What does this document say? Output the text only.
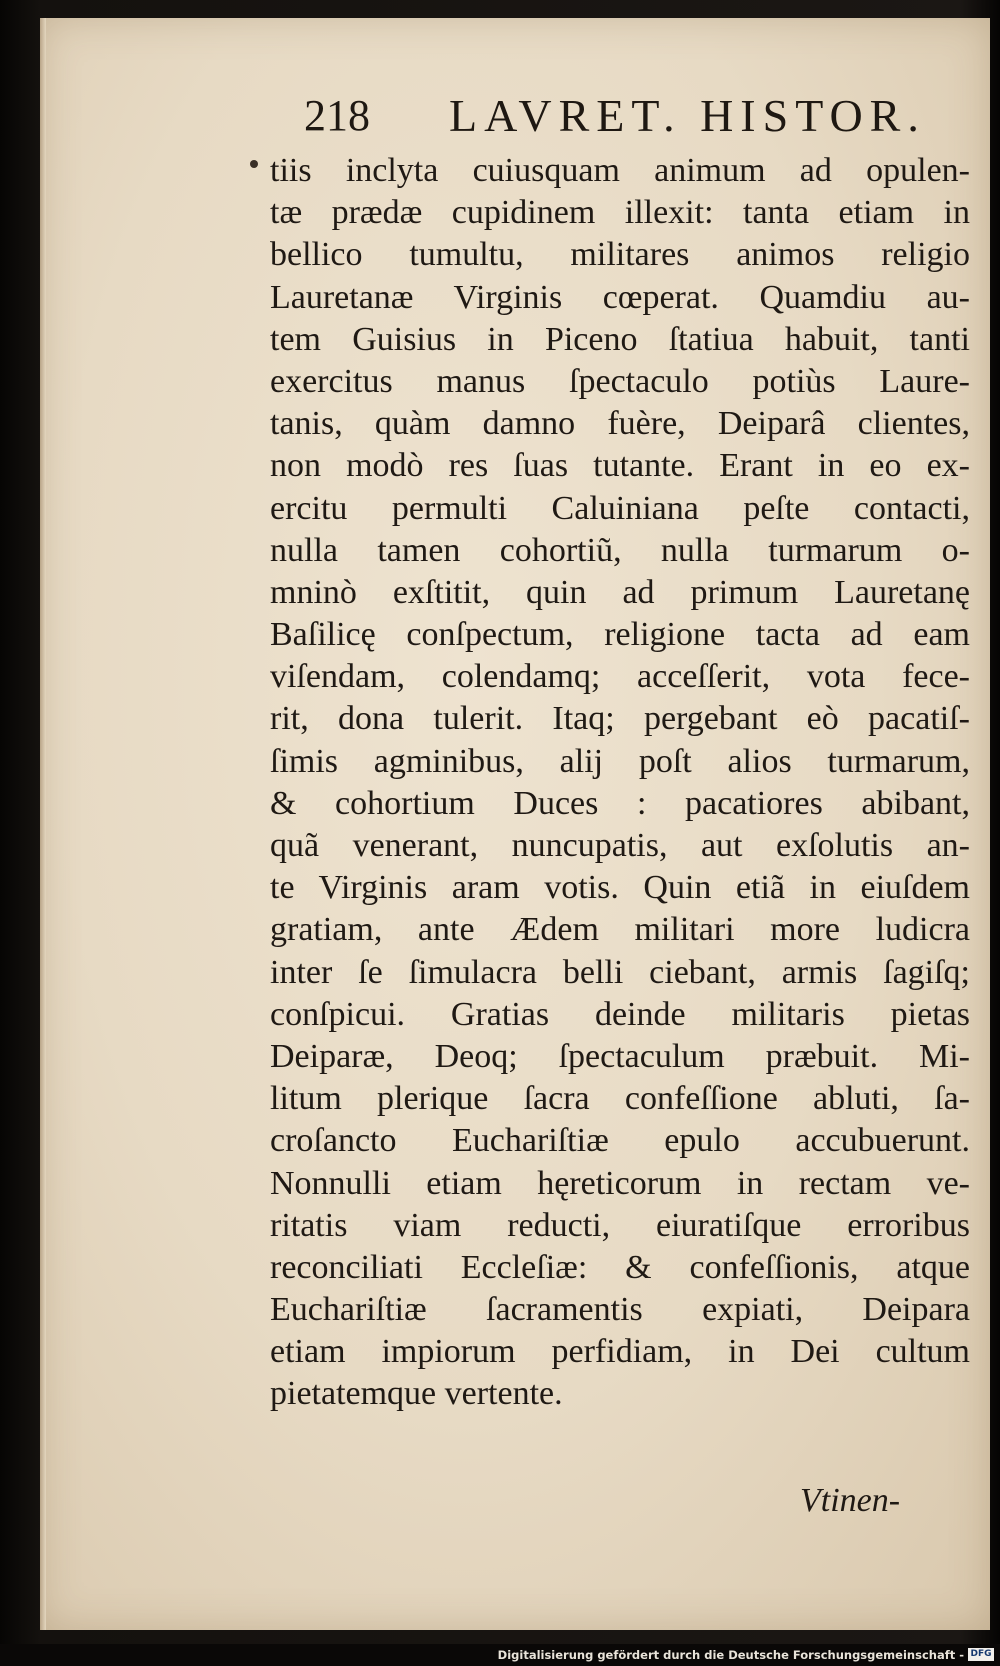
218 LAVRET. HISTOR.
tiis inclyta cuiusquam animum ad opulen-
tæ prædæ cupidinem illexit: tanta etiam in
bellico tumultu, militares animos religio
Lauretanæ Virginis cœperat. Quamdiu au-
tem Guisius in Piceno ſtatiua habuit, tanti
exercitus manus ſpectaculo potiùs Laure-
tanis, quàm damno fuère, Deiparâ clientes,
non modò res ſuas tutante. Erant in eo ex-
ercitu permulti Caluiniana peſte contacti,
nulla tamen cohortiũ, nulla turmarum o-
mninò exſtitit, quin ad primum Lauretanę
Baſilicę conſpectum, religione tacta ad eam
viſendam, colendamq; acceſſerit, vota fece-
rit, dona tulerit. Itaq; pergebant eò pacatiſ-
ſimis agminibus, alij poſt alios turmarum,
& cohortium Duces : pacatiores abibant,
quã venerant, nuncupatis, aut exſolutis an-
te Virginis aram votis. Quin etiã in eiuſdem
gratiam, ante Ædem militari more ludicra
inter ſe ſimulacra belli ciebant, armis ſagiſq;
conſpicui. Gratias deinde militaris pietas
Deiparæ, Deoq; ſpectaculum præbuit. Mi-
litum plerique ſacra confeſſione abluti, ſa-
croſancto Euchariſtiæ epulo accubuerunt.
Nonnulli etiam hęreticorum in rectam ve-
ritatis viam reducti, eiuratiſque erroribus
reconciliati Eccleſiæ: & confeſſionis, atque
Euchariſtiæ ſacramentis expiati, Deipara
etiam impiorum perfidiam, in Dei cultum
pietatemque vertente.
Vtinen-
Digitalisierung gefördert durch die Deutsche Forschungsgemeinschaft - DFG
